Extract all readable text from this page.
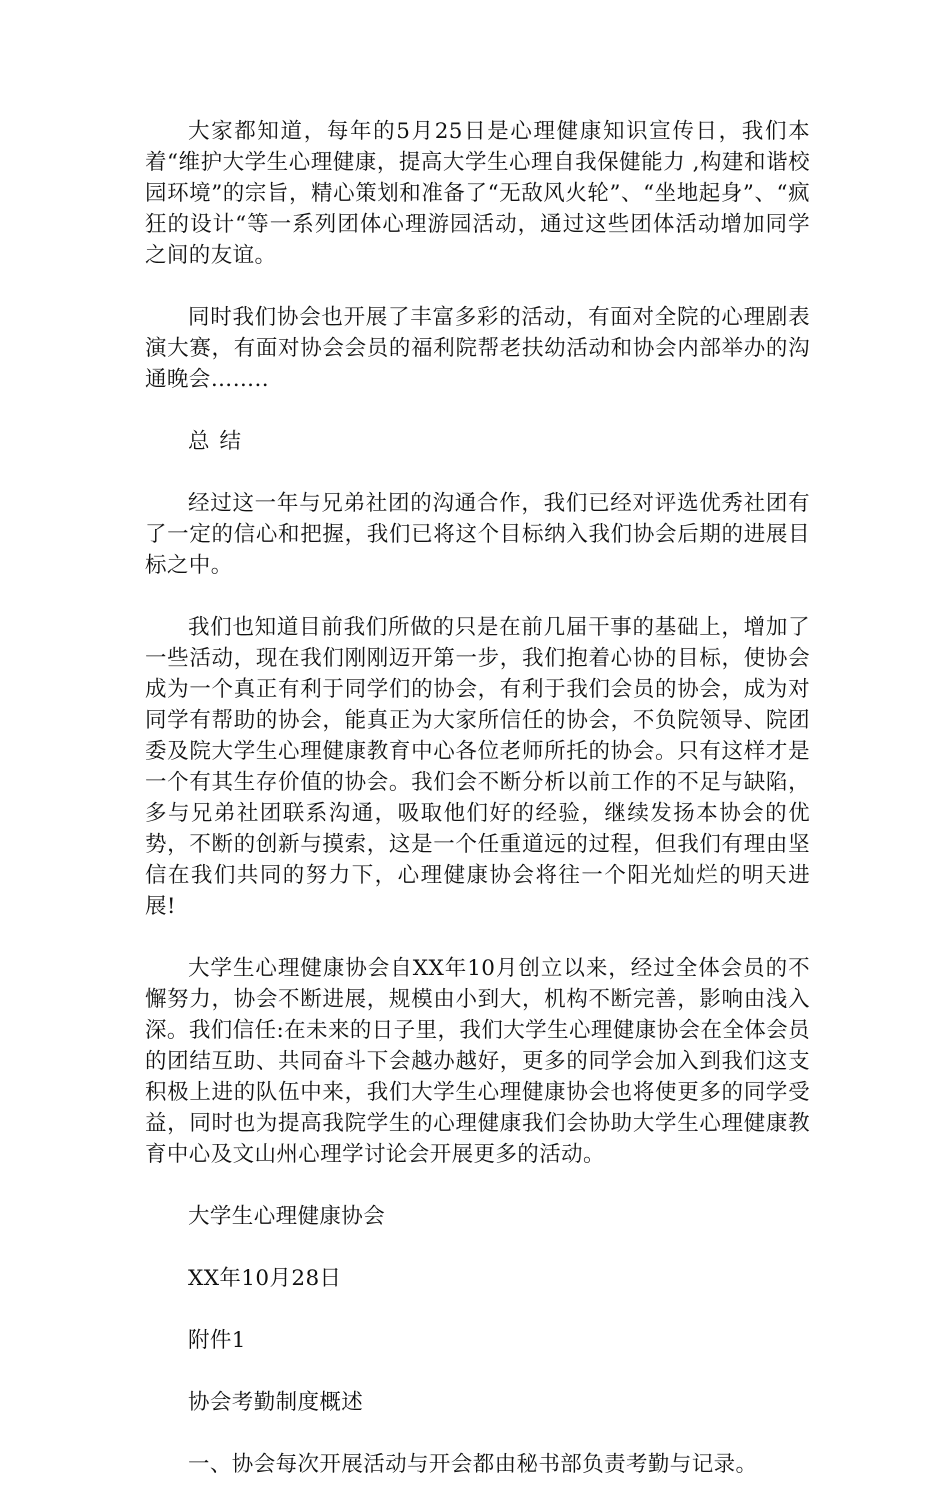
大家都知道，每年的5月25日是心理健康知识宣传日，我们本着“维护大学生心理健康，提高大学生心理自我保健能力 ,构建和谐校园环境”的宗旨，精心策划和准备了“无敌风火轮”、“坐地起身”、“疯狂的设计“等一系列团体心理游园活动，通过这些团体活动增加同学之间的友谊。

同时我们协会也开展了丰富多彩的活动，有面对全院的心理剧表演大赛，有面对协会会员的福利院帮老扶幼活动和协会内部举办的沟通晚会……..

总结

经过这一年与兄弟社团的沟通合作，我们已经对评选优秀社团有了一定的信心和把握，我们已将这个目标纳入我们协会后期的进展目标之中。

我们也知道目前我们所做的只是在前几届干事的基础上，增加了一些活动，现在我们刚刚迈开第一步，我们抱着心协的目标，使协会成为一个真正有利于同学们的协会，有利于我们会员的协会，成为对同学有帮助的协会，能真正为大家所信任的协会，不负院领导、院团委及院大学生心理健康教育中心各位老师所托的协会。只有这样才是一个有其生存价值的协会。我们会不断分析以前工作的不足与缺陷，多与兄弟社团联系沟通，吸取他们好的经验，继续发扬本协会的优势，不断的创新与摸索，这是一个任重道远的过程，但我们有理由坚信在我们共同的努力下，心理健康协会将往一个阳光灿烂的明天进展!

大学生心理健康协会自XX年10月创立以来，经过全体会员的不懈努力，协会不断进展，规模由小到大，机构不断完善，影响由浅入深。我们信任:在未来的日子里，我们大学生心理健康协会在全体会员的团结互助、共同奋斗下会越办越好，更多的同学会加入到我们这支积极上进的队伍中来，我们大学生心理健康协会也将使更多的同学受益，同时也为提高我院学生的心理健康我们会协助大学生心理健康教育中心及文山州心理学讨论会开展更多的活动。

大学生心理健康协会

XX年10月28日

附件1

协会考勤制度概述

一、协会每次开展活动与开会都由秘书部负责考勤与记录。
